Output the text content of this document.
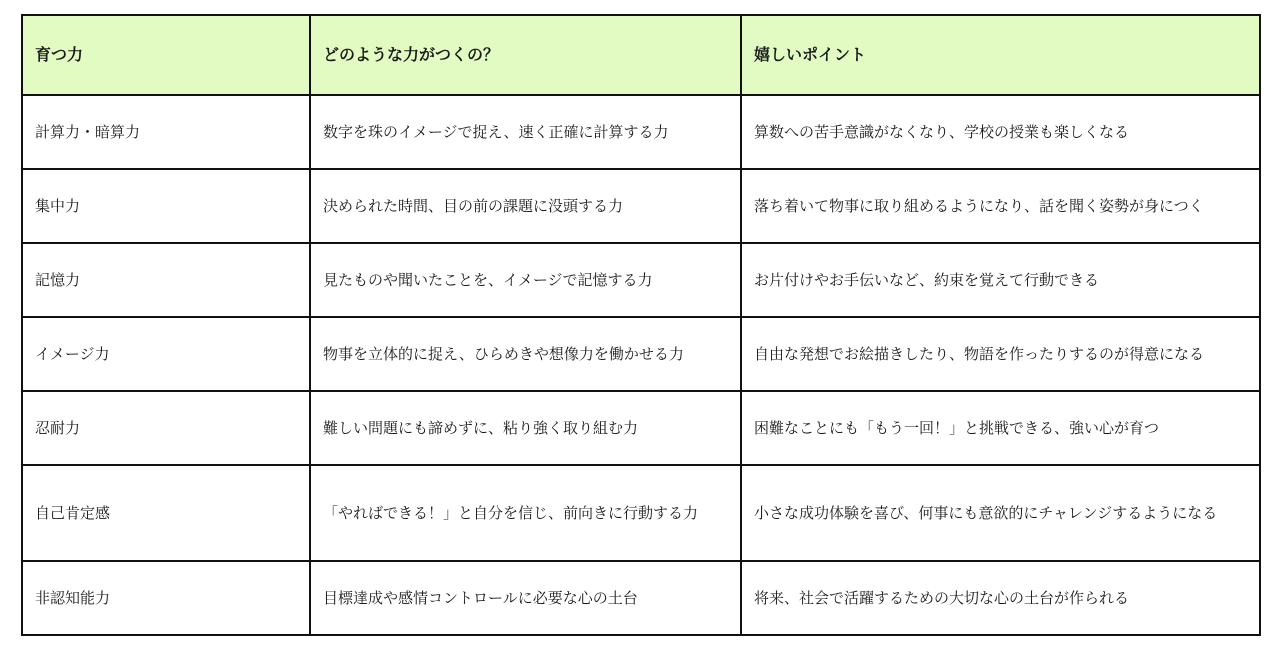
育つ力	どのような力がつくの？	嬉しいポイント
計算力・暗算力	数字を珠のイメージで捉え、速く正確に計算する力	算数への苦手意識がなくなり、学校の授業も楽しくなる
集中力	決められた時間、目の前の課題に没頭する力	落ち着いて物事に取り組めるようになり、話を聞く姿勢が身につく
記憶力	見たものや聞いたことを、イメージで記憶する力	お片付けやお手伝いなど、約束を覚えて行動できる
イメージ力	物事を立体的に捉え、ひらめきや想像力を働かせる力	自由な発想でお絵描きしたり、物語を作ったりするのが得意になる
忍耐力	難しい問題にも諦めずに、粘り強く取り組む力	困難なことにも「もう一回！」と挑戦できる、強い心が育つ
自己肯定感	「やればできる！」と自分を信じ、前向きに行動する力	小さな成功体験を喜び、何事にも意欲的にチャレンジするようになる
非認知能力	目標達成や感情コントロールに必要な心の土台	将来、社会で活躍するための大切な心の土台が作られる
